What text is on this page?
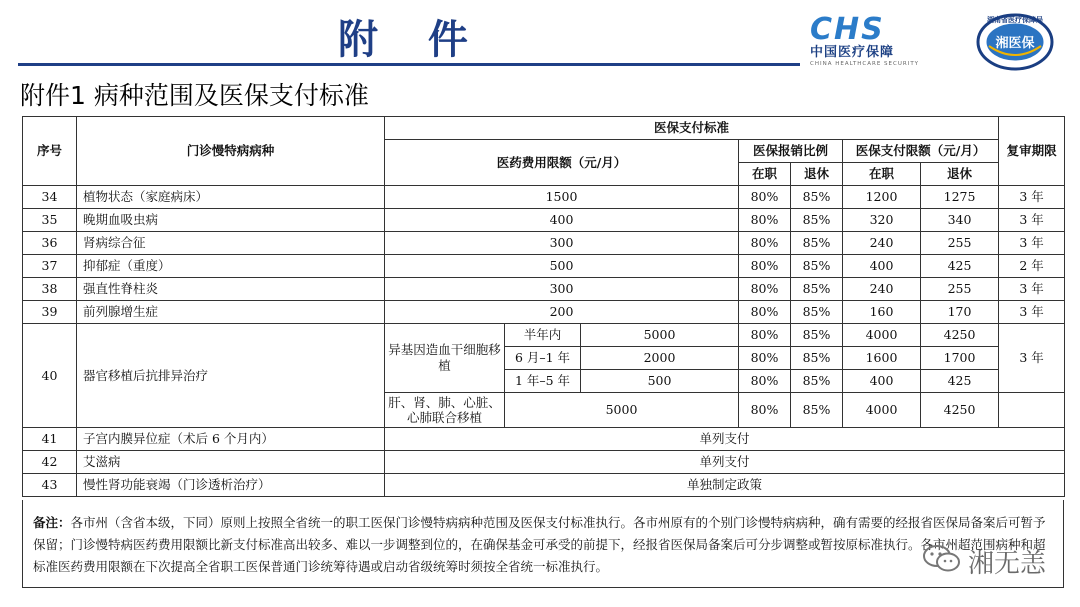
附 件	CHS
中国医疗保障
CHINA HEALTHCARE SECURITY
湘医保
湖南省医疗保障局
附件1 病种范围及医保支付标准
序号	门诊慢特病病种	医保支付标准							复审期限
		医药费用限额（元/月）			医保报销比例		医保支付限额（元/月）		
					在职	退休	在职	退休	
34	植物状态（家庭病床）	1500			80%	85%	1200	1275	3 年
35	晚期血吸虫病	400			80%	85%	320	340	3 年
36	肾病综合征	300			80%	85%	240	255	3 年
37	抑郁症（重度）	500			80%	85%	400	425	2 年
38	强直性脊柱炎	300			80%	85%	240	255	3 年
39	前列腺增生症	200			80%	85%	160	170	3 年
40	器官移植后抗排异治疗	异基因造血干细胞移植	半年内	5000	80%	85%	4000	4250	3 年
			6 月–1 年	2000	80%	85%	1600	1700	
			1 年–5 年	500	80%	85%	400	425	
		肝、肾、肺、心脏、心肺联合移植	5000		80%	85%	4000	4250	
41	子宫内膜异位症（术后 6 个月内）	单列支付							
42	艾滋病	单列支付							
43	慢性肾功能衰竭（门诊透析治疗）	单独制定政策							
备注：各市州（含省本级，下同）原则上按照全省统一的职工医保门诊慢特病病种范围及医保支付标准执行。各市州原有的个别门诊慢特病病种，确有需要的经报省医保局备案后可暂予保留；门诊慢特病医药费用限额比新支付标准高出较多、难以一步调整到位的，在确保基金可承受的前提下，经报省医保局备案后可分步调整或暂按原标准执行。各市州超范围病种和超标准医药费用限额在下次提高全省职工医保普通门诊统筹待遇或启动省级统筹时须按全省统一标准执行。	湘无恙
